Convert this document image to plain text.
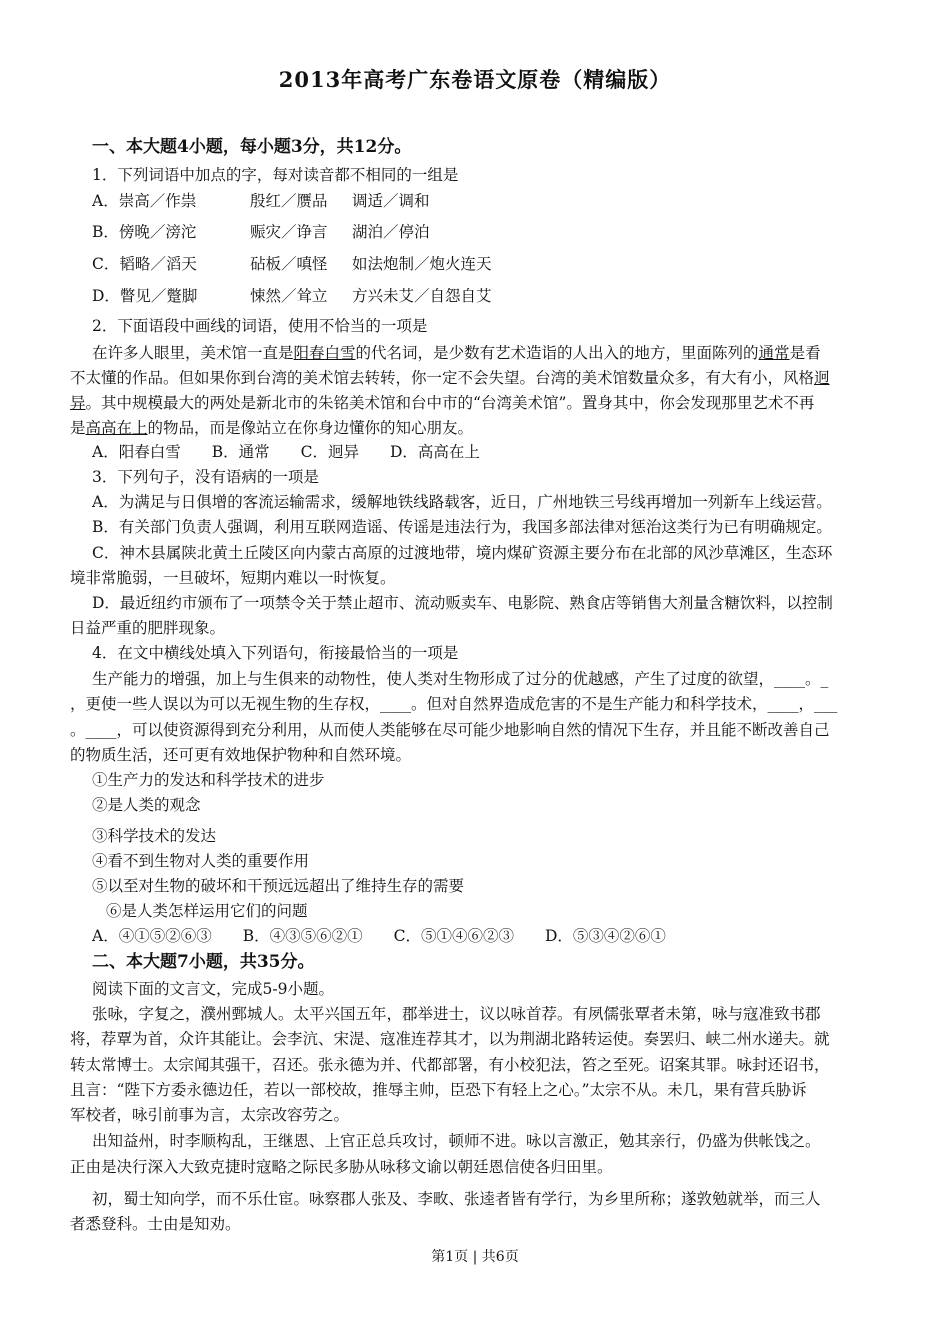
2013年高考广东卷语文原卷（精编版）
一、本大题4小题，每小题3分，共12分。
1．下列词语中加点的字，每对读音都不相同的一组是
A．崇高／作祟	殷红／赝品 调适／调和
B．傍晚／滂沱	赈灾／诤言 湖泊／停泊
C．韬略／滔天	砧板／嗔怪 如法炮制／炮火连天
D．瞥见／蹩脚	悚然／耸立 方兴未艾／自怨自艾
2．下面语段中画线的词语，使用不恰当的一项是
在许多人眼里，美术馆一直是阳春白雪的代名词，是少数有艺术造诣的人出入的地方，里面陈列的通常是看
不太懂的作品。但如果你到台湾的美术馆去转转，你一定不会失望。台湾的美术馆数量众多，有大有小，风格迥
异。其中规模最大的两处是新北市的朱铭美术馆和台中市的“台湾美术馆”。置身其中，你会发现那里艺术不再
是高高在上的物品，而是像站立在你身边懂你的知心朋友。
A．阳春白雪　　B．通常　　C．迥异　　D．高高在上
3．下列句子，没有语病的一项是
A．为满足与日俱增的客流运输需求，缓解地铁线路载客，近日，广州地铁三号线再增加一列新车上线运营。
B．有关部门负责人强调，利用互联网造谣、传谣是违法行为，我国多部法律对惩治这类行为已有明确规定。
C．神木县属陕北黄土丘陵区向内蒙古高原的过渡地带，境内煤矿资源主要分布在北部的风沙草滩区，生态环
境非常脆弱，一旦破坏，短期内难以一时恢复。
D．最近纽约市颁布了一项禁令关于禁止超市、流动贩卖车、电影院、熟食店等销售大剂量含糖饮料，以控制
日益严重的肥胖现象。
4．在文中横线处填入下列语句，衔接最恰当的一项是
生产能力的增强，加上与生俱来的动物性，使人类对生物形成了过分的优越感，产生了过度的欲望，____。_
，更使一些人误以为可以无视生物的生存权，____。但对自然界造成危害的不是生产能力和科学技术，____，___
。____，可以使资源得到充分利用，从而使人类能够在尽可能少地影响自然的情况下生存，并且能不断改善自己
的物质生活，还可更有效地保护物种和自然环境。
①生产力的发达和科学技术的进步
②是人类的观念
③科学技术的发达
④看不到生物对人类的重要作用
⑤以至对生物的破坏和干预远远超出了维持生存的需要
⑥是人类怎样运用它们的问题
A．④①⑤②⑥③　　B．④③⑤⑥②①　　C．⑤①④⑥②③　　D．⑤③④②⑥①
二、本大题7小题，共35分。
阅读下面的文言文，完成5-9小题。
张咏，字复之，濮州鄄城人。太平兴国五年，郡举进士，议以咏首荐。有夙儒张覃者未第，咏与寇准致书郡
将，荐覃为首，众许其能让。会李沆、宋湜、寇准连荐其才，以为荆湖北路转运使。奏罢归、峡二州水递夫。就
转太常博士。太宗闻其强干，召还。张永德为并、代都部署，有小校犯法，笞之至死。诏案其罪。咏封还诏书，
且言：“陛下方委永德边任，若以一部校故，推辱主帅，臣恐下有轻上之心。”太宗不从。未几，果有营兵胁诉
军校者，咏引前事为言，太宗改容劳之。
出知益州，时李顺构乱，王继恩、上官正总兵攻讨，顿师不进。咏以言激正，勉其亲行，仍盛为供帐饯之。
正由是决行深入大致克捷时寇略之际民多胁从咏移文谕以朝廷恩信使各归田里。
初，蜀士知向学，而不乐仕宦。咏察郡人张及、李畋、张逵者皆有学行，为乡里所称；遂敦勉就举，而三人
者悉登科。士由是知劝。
第1页 | 共6页
